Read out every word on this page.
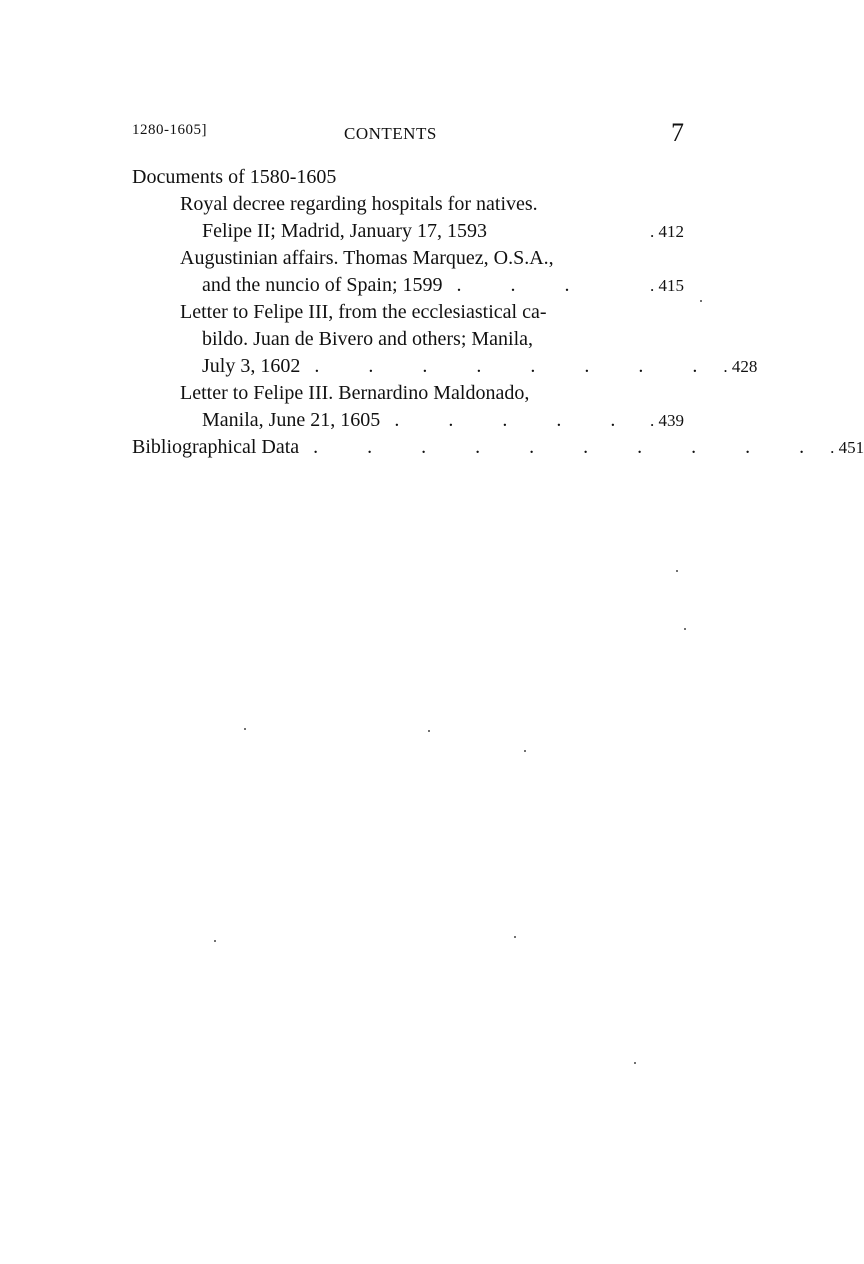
1280-1605]	CONTENTS	7
Documents of 1580-1605
Royal decree regarding hospitals for natives.
Felipe II; Madrid, January 17, 1593	. 412
Augustinian affairs. Thomas Marquez, O.S.A.,
and the nuncio of Spain; 1599 . . .	. 415
Letter to Felipe III, from the ecclesiastical ca-
bildo. Juan de Bivero and others; Manila,
July 3, 1602 . . . . . . . . . 428
Letter to Felipe III. Bernardino Maldonado,
Manila, June 21, 1605 . . . . . . 439
Bibliographical Data . . . . . . . . . . . 451
